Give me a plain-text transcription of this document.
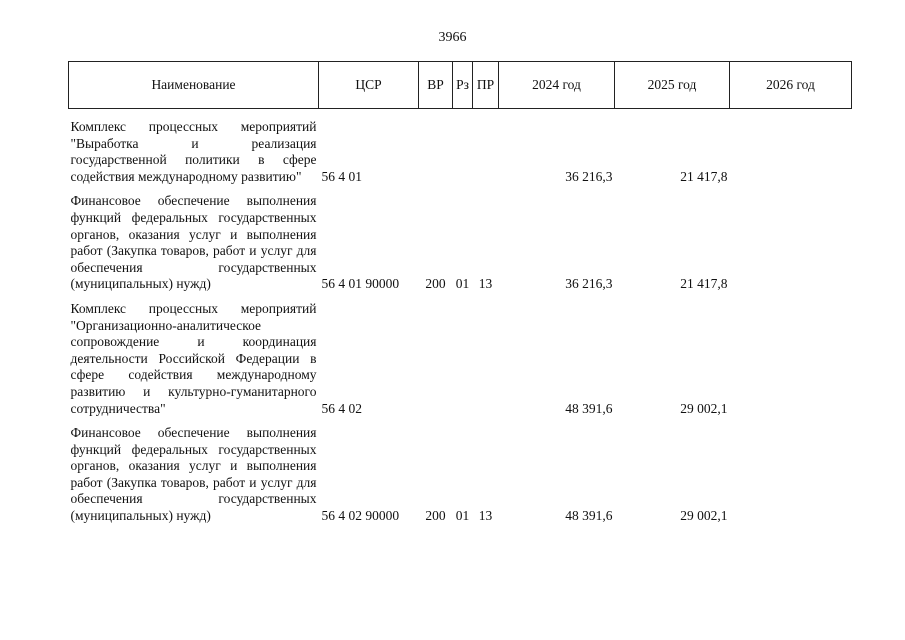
3966
Наименование	ЦСР	ВР	Рз	ПР	2024 год	2025 год	2026 год

Комплекс процессных мероприятий "Выработка и реализация государственной политики в сфере содействия международному развитию"	56 4 01				36 216,3	21 417,8	

Финансовое обеспечение выполнения функций федеральных государственных органов, оказания услуг и выполнения работ (Закупка товаров, работ и услуг для обеспечения государственных (муниципальных) нужд)	56 4 01 90000	200	01	13	36 216,3	21 417,8	

Комплекс процессных мероприятий "Организационно-аналитическое сопровождение и координация деятельности Российской Федерации в сфере содействия международному развитию и культурно-гуманитарного сотрудничества"	56 4 02				48 391,6	29 002,1	

Финансовое обеспечение выполнения функций федеральных государственных органов, оказания услуг и выполнения работ (Закупка товаров, работ и услуг для обеспечения государственных (муниципальных) нужд)	56 4 02 90000	200	01	13	48 391,6	29 002,1	
